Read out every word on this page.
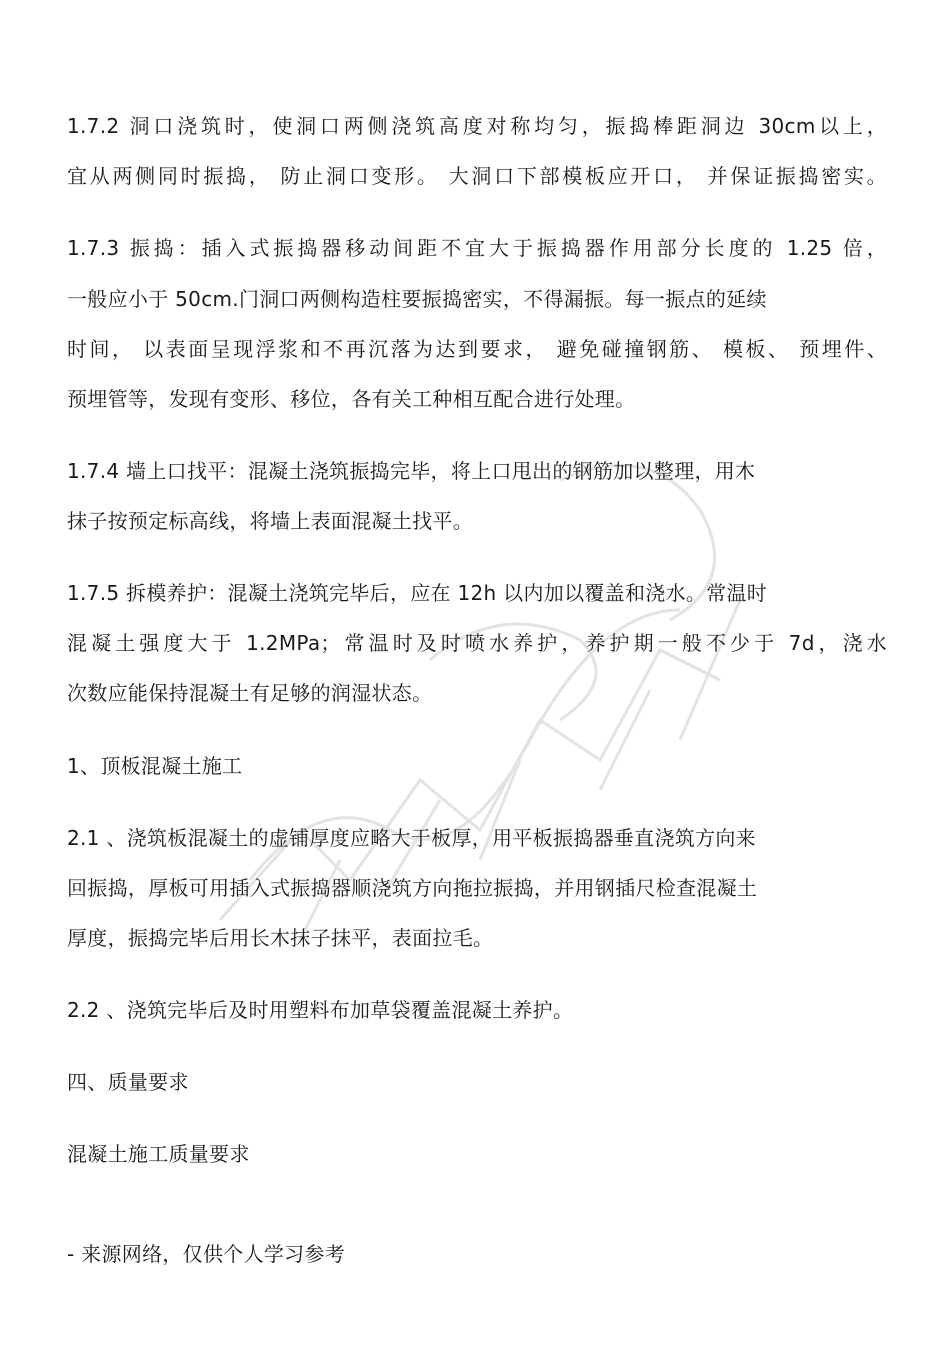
1.7.2 洞口浇筑时，使洞口两侧浇筑高度对称均匀，振捣棒距洞边 30cm以上，
宜从两侧同时振捣， 防止洞口变形。 大洞口下部模板应开口， 并保证振捣密实。
1.7.3 振捣：插入式振捣器移动间距不宜大于振捣器作用部分长度的 1.25 倍，
一般应小于 50cm.门洞口两侧构造柱要振捣密实，不得漏振。每一振点的延续
时间， 以表面呈现浮浆和不再沉落为达到要求， 避免碰撞钢筋、 模板、 预埋件、
预埋管等，发现有变形、移位，各有关工种相互配合进行处理。
1.7.4 墙上口找平：混凝土浇筑振捣完毕，将上口甩出的钢筋加以整理，用木
抹子按预定标高线，将墙上表面混凝土找平。
1.7.5 拆模养护：混凝土浇筑完毕后，应在 12h 以内加以覆盖和浇水。常温时
混凝土强度大于 1.2MPa；常温时及时喷水养护，养护期一般不少于 7d，浇水
次数应能保持混凝土有足够的润湿状态。
1、顶板混凝土施工
2.1 、浇筑板混凝土的虚铺厚度应略大于板厚，用平板振捣器垂直浇筑方向来
回振捣，厚板可用插入式振捣器顺浇筑方向拖拉振捣，并用钢插尺检查混凝土
厚度，振捣完毕后用长木抹子抹平，表面拉毛。
2.2 、浇筑完毕后及时用塑料布加草袋覆盖混凝土养护。
四、质量要求
混凝土施工质量要求
- 来源网络，仅供个人学习参考
